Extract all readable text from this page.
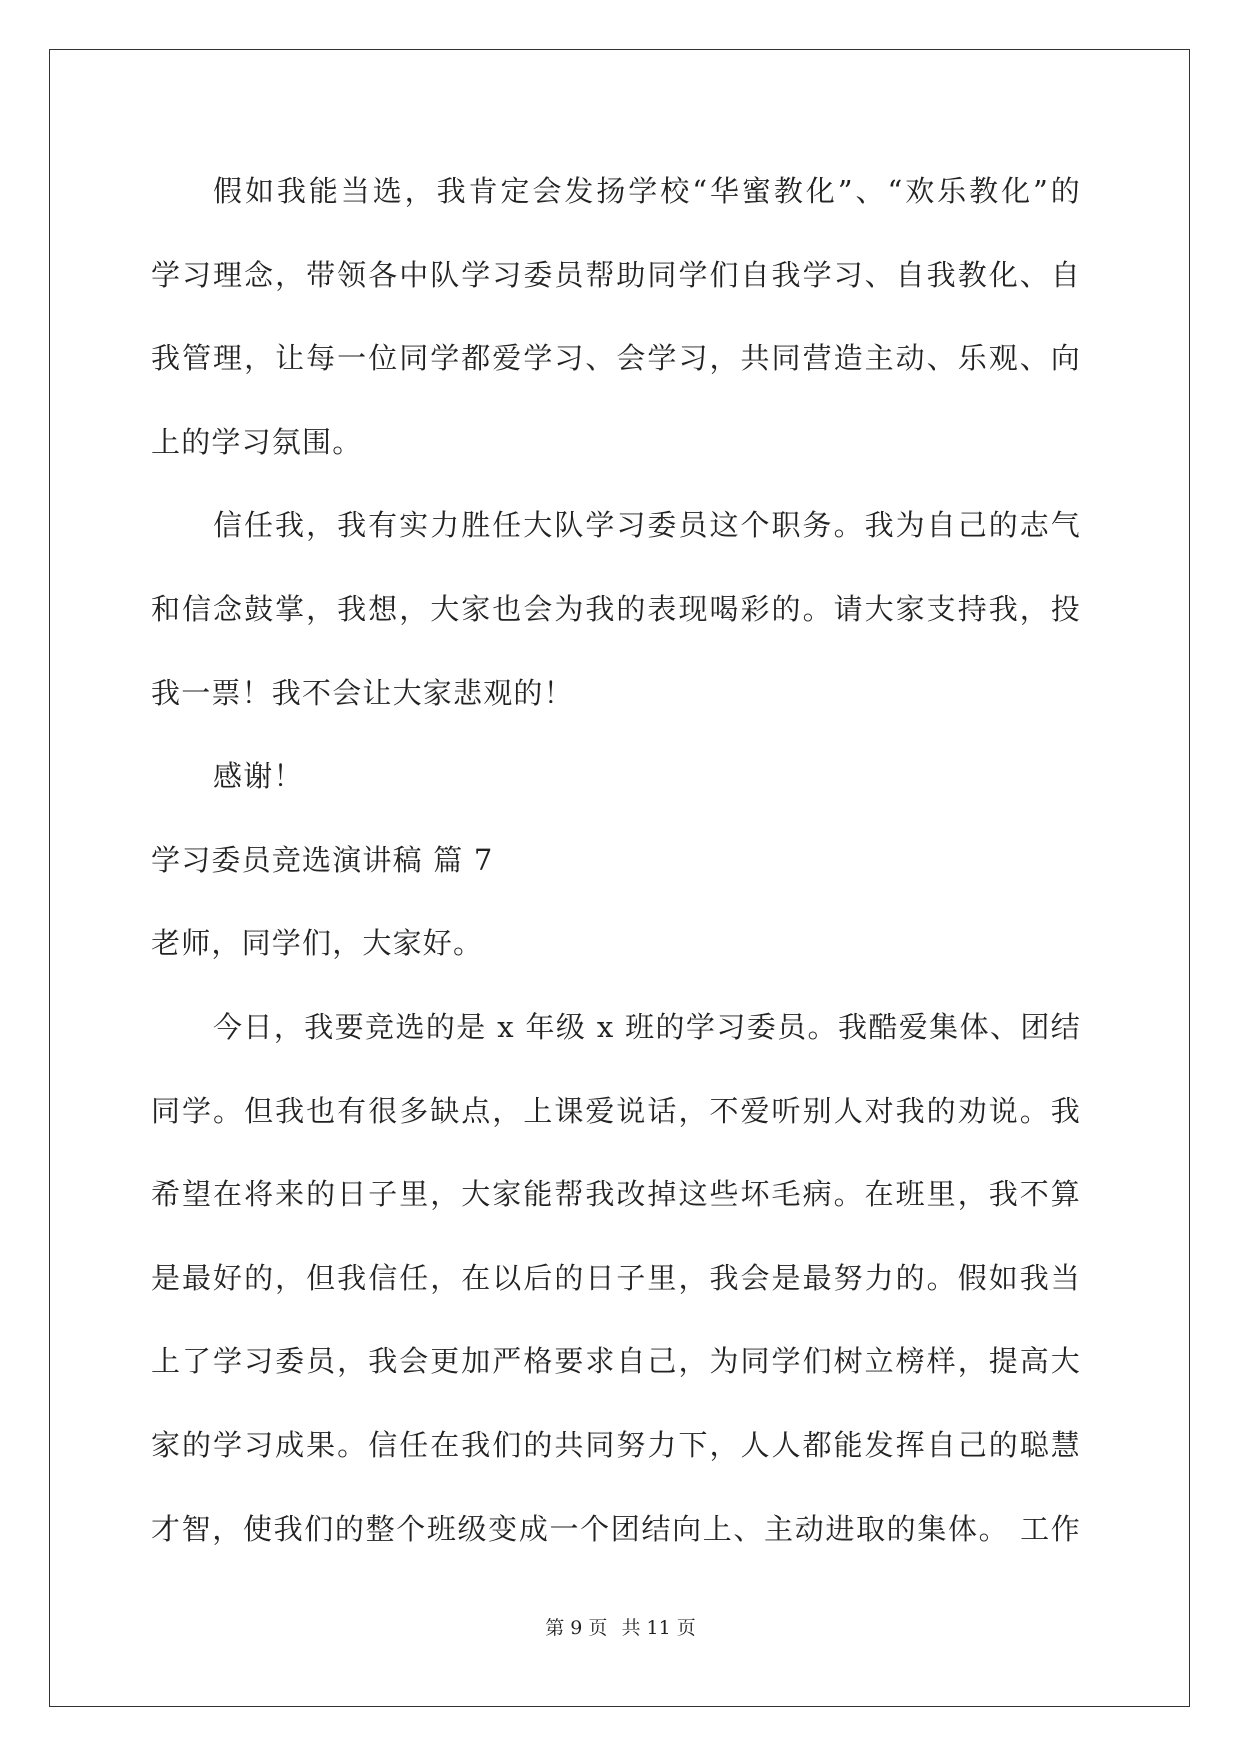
假如我能当选，我肯定会发扬学校“华蜜教化”、“欢乐教化”的
学习理念，带领各中队学习委员帮助同学们自我学习、自我教化、自
我管理，让每一位同学都爱学习、会学习，共同营造主动、乐观、向
上的学习氛围。
信任我，我有实力胜任大队学习委员这个职务。我为自己的志气
和信念鼓掌，我想，大家也会为我的表现喝彩的。请大家支持我，投
我一票！我不会让大家悲观的！
感谢！
学习委员竞选演讲稿 篇 7
老师，同学们，大家好。
今日，我要竞选的是 x 年级 x 班的学习委员。我酷爱集体、团结
同学。但我也有很多缺点，上课爱说话，不爱听别人对我的劝说。我
希望在将来的日子里，大家能帮我改掉这些坏毛病。在班里，我不算
是最好的，但我信任，在以后的日子里，我会是最努力的。假如我当
上了学习委员，我会更加严格要求自己，为同学们树立榜样，提高大
家的学习成果。信任在我们的共同努力下，人人都能发挥自己的聪慧
才智，使我们的整个班级变成一个团结向上、主动进取的集体。 工作
第 9 页 共 11 页
